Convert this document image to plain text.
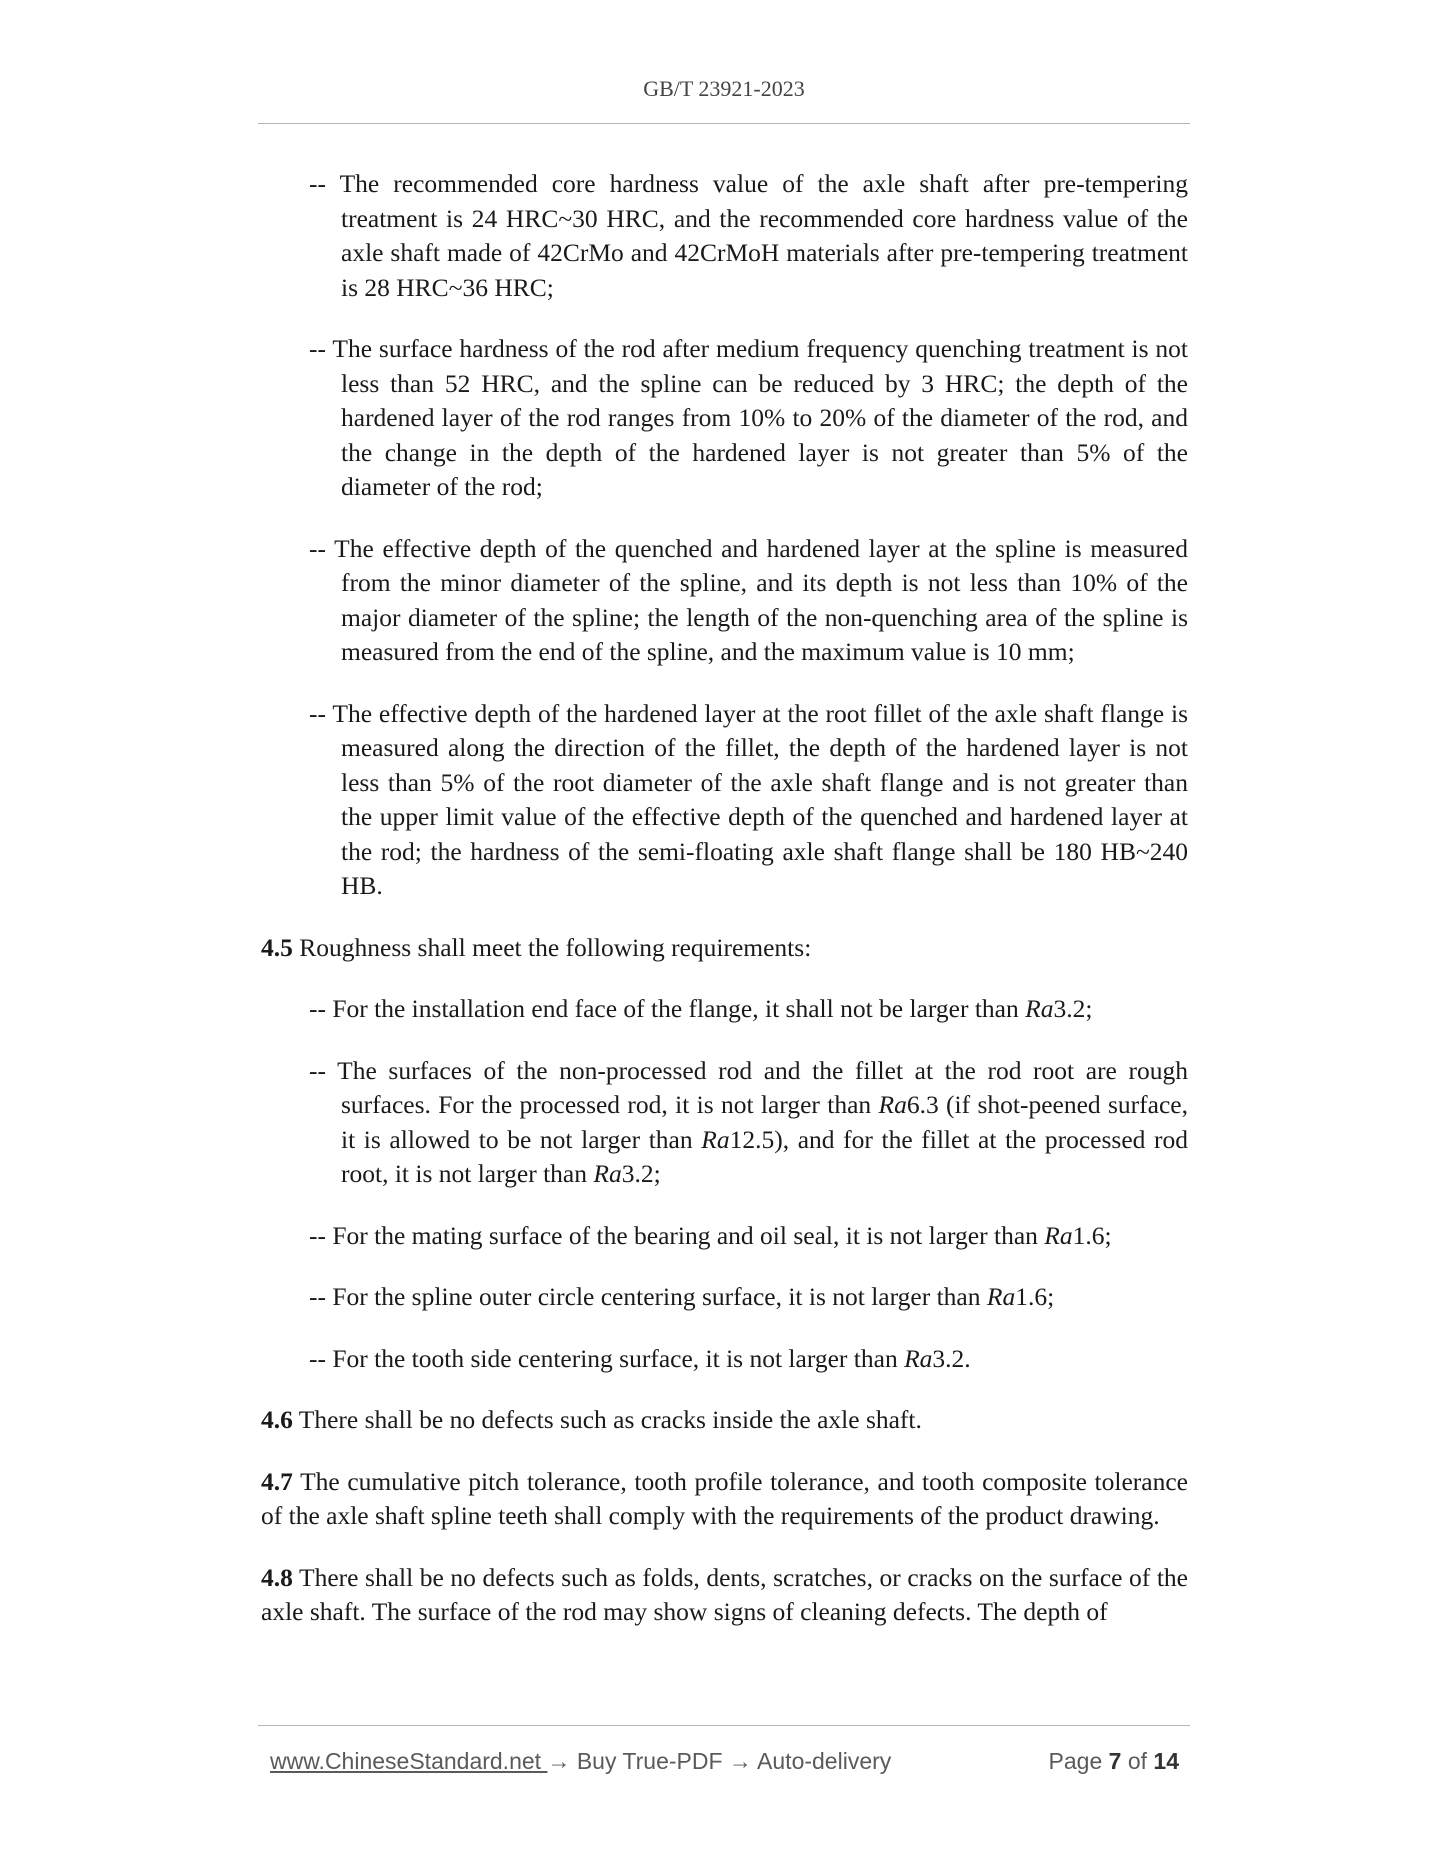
GB/T 23921-2023

-- The recommended core hardness value of the axle shaft after pre-tempering treatment is 24 HRC~30 HRC, and the recommended core hardness value of the axle shaft made of 42CrMo and 42CrMoH materials after pre-tempering treatment is 28 HRC~36 HRC;

-- The surface hardness of the rod after medium frequency quenching treatment is not less than 52 HRC, and the spline can be reduced by 3 HRC; the depth of the hardened layer of the rod ranges from 10% to 20% of the diameter of the rod, and the change in the depth of the hardened layer is not greater than 5% of the diameter of the rod;

-- The effective depth of the quenched and hardened layer at the spline is measured from the minor diameter of the spline, and its depth is not less than 10% of the major diameter of the spline; the length of the non-quenching area of the spline is measured from the end of the spline, and the maximum value is 10 mm;

-- The effective depth of the hardened layer at the root fillet of the axle shaft flange is measured along the direction of the fillet, the depth of the hardened layer is not less than 5% of the root diameter of the axle shaft flange and is not greater than the upper limit value of the effective depth of the quenched and hardened layer at the rod; the hardness of the semi-floating axle shaft flange shall be 180 HB~240 HB.

4.5 Roughness shall meet the following requirements:

-- For the installation end face of the flange, it shall not be larger than Ra3.2;

-- The surfaces of the non-processed rod and the fillet at the rod root are rough surfaces. For the processed rod, it is not larger than Ra6.3 (if shot-peened surface, it is allowed to be not larger than Ra12.5), and for the fillet at the processed rod root, it is not larger than Ra3.2;

-- For the mating surface of the bearing and oil seal, it is not larger than Ra1.6;

-- For the spline outer circle centering surface, it is not larger than Ra1.6;

-- For the tooth side centering surface, it is not larger than Ra3.2.

4.6 There shall be no defects such as cracks inside the axle shaft.

4.7 The cumulative pitch tolerance, tooth profile tolerance, and tooth composite tolerance of the axle shaft spline teeth shall comply with the requirements of the product drawing.

4.8 There shall be no defects such as folds, dents, scratches, or cracks on the surface of the axle shaft. The surface of the rod may show signs of cleaning defects. The depth of

www.ChineseStandard.net → Buy True-PDF → Auto-delivery	Page 7 of 14
